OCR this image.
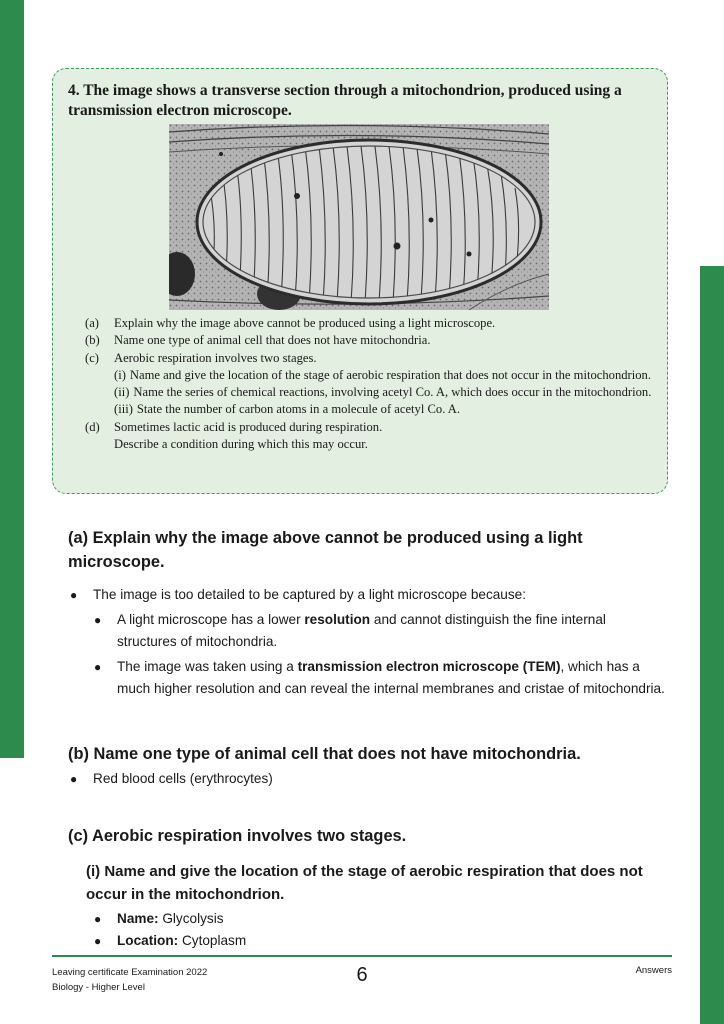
4. The image shows a transverse section through a mitochondrion, produced using a transmission electron microscope.

(a)	Explain why the image above cannot be produced using a light microscope.
(b)	Name one type of animal cell that does not have mitochondria.
(c)	Aerobic respiration involves two stages.
(i) Name and give the location of the stage of aerobic respiration that does not occur in the mitochondrion.
(ii) Name the series of chemical reactions, involving acetyl Co. A, which does occur in the mitochondrion.
(iii) State the number of carbon atoms in a molecule of acetyl Co. A.
(d)	Sometimes lactic acid is produced during respiration.
Describe a condition during which this may occur.

(a) Explain why the image above cannot be produced using a light microscope.

● The image is too detailed to be captured by a light microscope because:
● A light microscope has a lower resolution and cannot distinguish the fine internal structures of mitochondria.
● The image was taken using a transmission electron microscope (TEM), which has a much higher resolution and can reveal the internal membranes and cristae of mitochondria.

(b) Name one type of animal cell that does not have mitochondria.

● Red blood cells (erythrocytes)

(c) Aerobic respiration involves two stages.

(i) Name and give the location of the stage of aerobic respiration that does not occur in the mitochondrion.

● Name: Glycolysis
● Location: Cytoplasm
Leaving certificate Examination 2022
Biology - Higher Level
6	Answers
